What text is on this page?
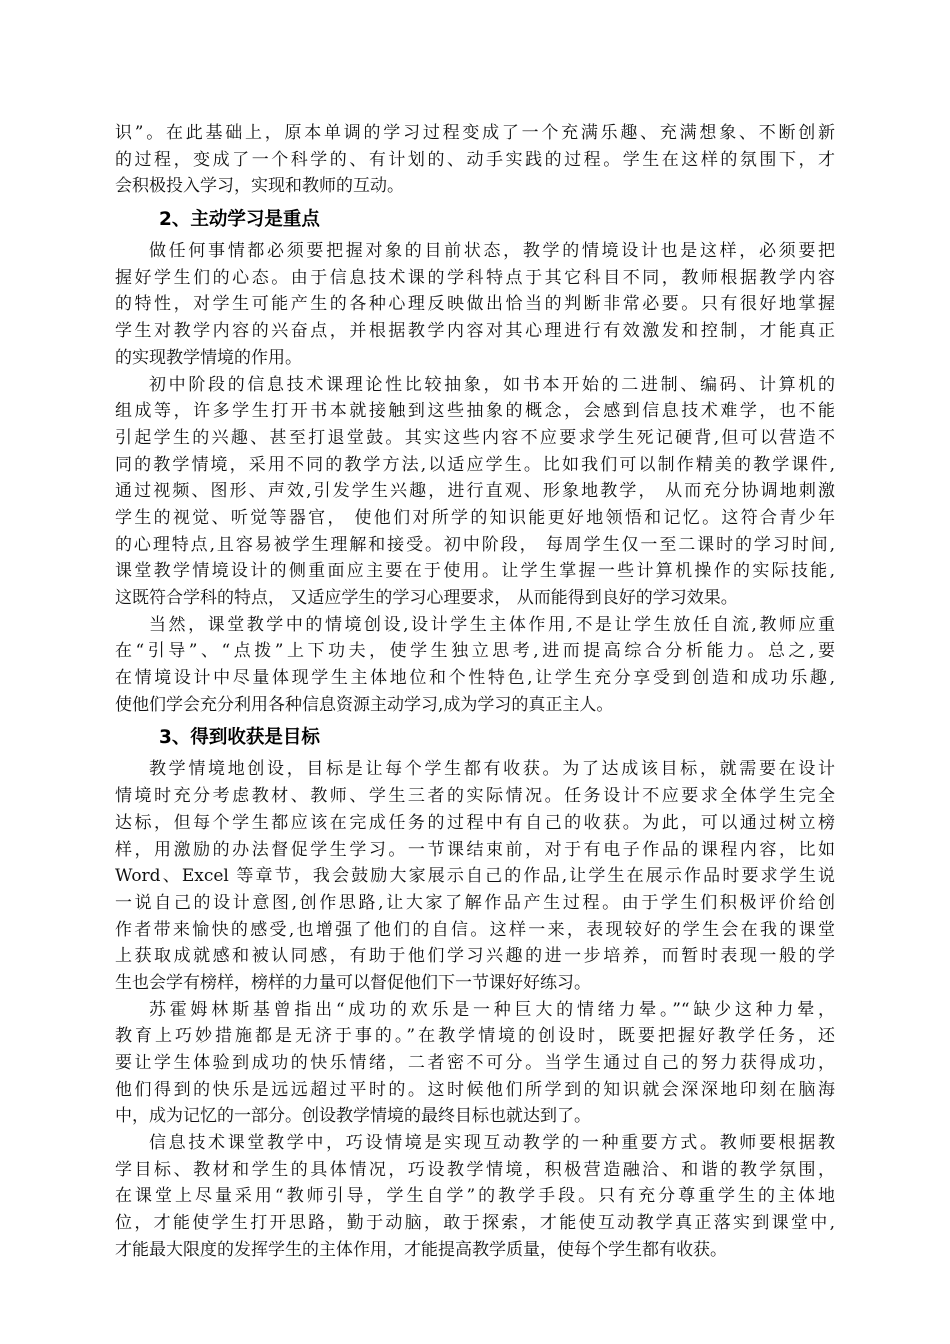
识”。在此基础上，原本单调的学习过程变成了一个充满乐趣、充满想象、不断创新
的过程，变成了一个科学的、有计划的、动手实践的过程。学生在这样的氛围下，才
会积极投入学习，实现和教师的互动。
2、主动学习是重点
做任何事情都必须要把握对象的目前状态，教学的情境设计也是这样，必须要把
握好学生们的心态。由于信息技术课的学科特点于其它科目不同，教师根据教学内容
的特性，对学生可能产生的各种心理反映做出恰当的判断非常必要。只有很好地掌握
学生对教学内容的兴奋点，并根据教学内容对其心理进行有效激发和控制，才能真正
的实现教学情境的作用。
初中阶段的信息技术课理论性比较抽象，如书本开始的二进制、编码、计算机的
组成等，许多学生打开书本就接触到这些抽象的概念，会感到信息技术难学，也不能
引起学生的兴趣、甚至打退堂鼓。其实这些内容不应要求学生死记硬背,但可以营造不
同的教学情境，采用不同的教学方法,以适应学生。比如我们可以制作精美的教学课件,
通过视频、图形、声效,引发学生兴趣，进行直观、形象地教学， 从而充分协调地刺激
学生的视觉、听觉等器官， 使他们对所学的知识能更好地领悟和记忆。这符合青少年
的心理特点,且容易被学生理解和接受。初中阶段， 每周学生仅一至二课时的学习时间,
课堂教学情境设计的侧重面应主要在于使用。让学生掌握一些计算机操作的实际技能,
这既符合学科的特点， 又适应学生的学习心理要求， 从而能得到良好的学习效果。
当然，课堂教学中的情境创设,设计学生主体作用,不是让学生放任自流,教师应重
在“引导”、“点拨”上下功夫，使学生独立思考,进而提高综合分析能力。总之,要
在情境设计中尽量体现学生主体地位和个性特色,让学生充分享受到创造和成功乐趣,
使他们学会充分利用各种信息资源主动学习,成为学习的真正主人。
3、得到收获是目标
教学情境地创设，目标是让每个学生都有收获。为了达成该目标，就需要在设计
情境时充分考虑教材、教师、学生三者的实际情况。任务设计不应要求全体学生完全
达标，但每个学生都应该在完成任务的过程中有自己的收获。为此，可以通过树立榜
样，用激励的办法督促学生学习。一节课结束前，对于有电子作品的课程内容，比如
Word、Excel 等章节，我会鼓励大家展示自己的作品,让学生在展示作品时要求学生说
一说自己的设计意图,创作思路,让大家了解作品产生过程。由于学生们积极评价给创
作者带来愉快的感受,也增强了他们的自信。这样一来，表现较好的学生会在我的课堂
上获取成就感和被认同感，有助于他们学习兴趣的进一步培养，而暂时表现一般的学
生也会学有榜样，榜样的力量可以督促他们下一节课好好练习。
苏霍姆林斯基曾指出“成功的欢乐是一种巨大的情绪力晕。”“缺少这种力晕，
教育上巧妙措施都是无济于事的。”在教学情境的创设时，既要把握好教学任务，还
要让学生体验到成功的快乐情绪，二者密不可分。当学生通过自己的努力获得成功，
他们得到的快乐是远远超过平时的。这时候他们所学到的知识就会深深地印刻在脑海
中，成为记忆的一部分。创设教学情境的最终目标也就达到了。
信息技术课堂教学中，巧设情境是实现互动教学的一种重要方式。教师要根据教
学目标、教材和学生的具体情况，巧设教学情境，积极营造融洽、和谐的教学氛围，
在课堂上尽量采用“教师引导，学生自学”的教学手段。只有充分尊重学生的主体地
位，才能使学生打开思路，勤于动脑，敢于探索，才能使互动教学真正落实到课堂中,
才能最大限度的发挥学生的主体作用，才能提高教学质量，使每个学生都有收获。
